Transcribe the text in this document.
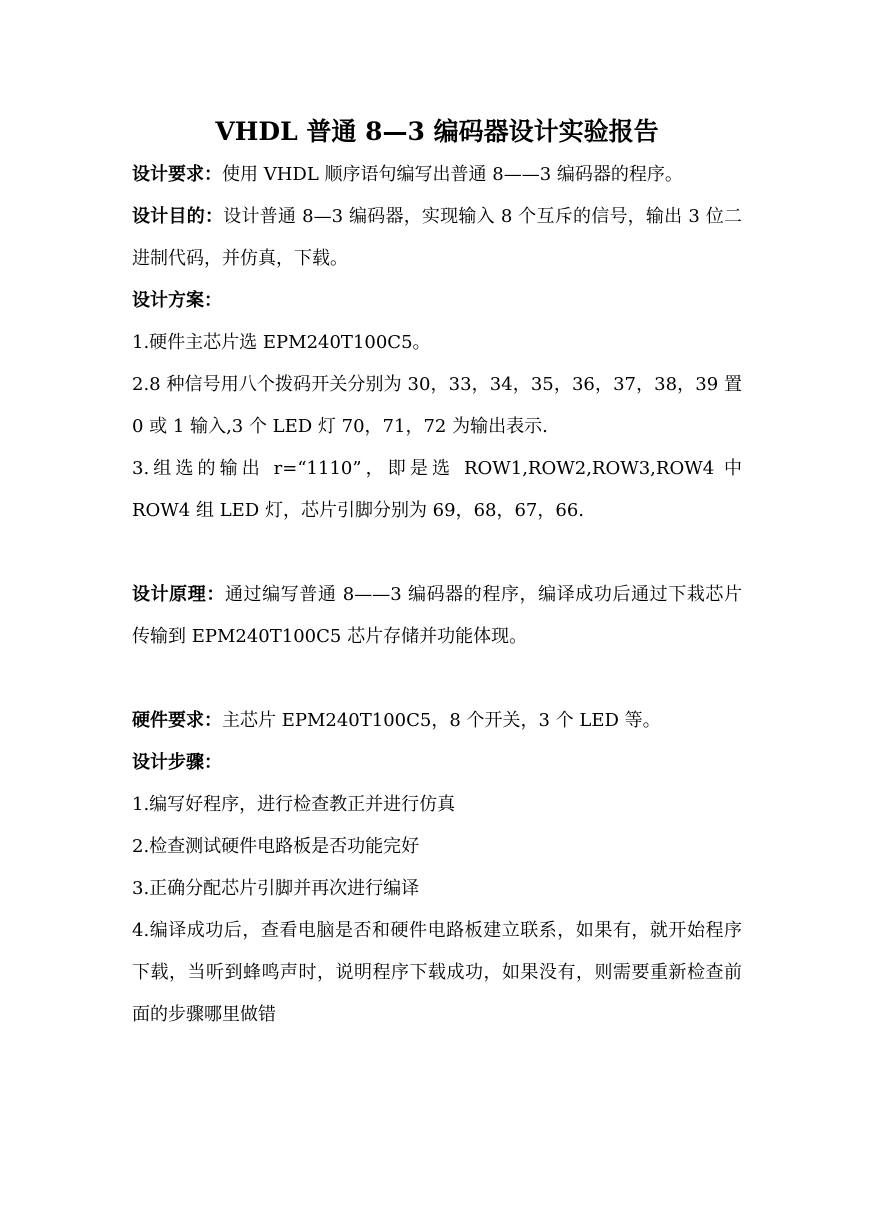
VHDL 普通 8—3 编码器设计实验报告

设计要求：使用 VHDL 顺序语句编写出普通 8——3 编码器的程序。

设计目的：设计普通 8—3 编码器，实现输入 8 个互斥的信号，输出 3 位二进制代码，并仿真，下载。

设计方案：

1.硬件主芯片选 EPM240T100C5。

2.8 种信号用八个拨码开关分别为 30，33，34，35，36，37，38，39 置 0 或 1 输入,3 个 LED 灯 70，71，72 为输出表示.

3.组选的输出 r=“1110”，即是选 ROW1,ROW2,ROW3,ROW4 中 ROW4 组 LED 灯，芯片引脚分别为 69，68，67，66.

设计原理：通过编写普通 8——3 编码器的程序，编译成功后通过下栽芯片传输到 EPM240T100C5 芯片存储并功能体现。

硬件要求：主芯片 EPM240T100C5，8 个开关，3 个 LED 等。

设计步骤：

1.编写好程序，进行检查教正并进行仿真

2.检查测试硬件电路板是否功能完好

3.正确分配芯片引脚并再次进行编译

4.编译成功后，查看电脑是否和硬件电路板建立联系，如果有，就开始程序下载，当听到蜂鸣声时，说明程序下载成功，如果没有，则需要重新检查前面的步骤哪里做错
